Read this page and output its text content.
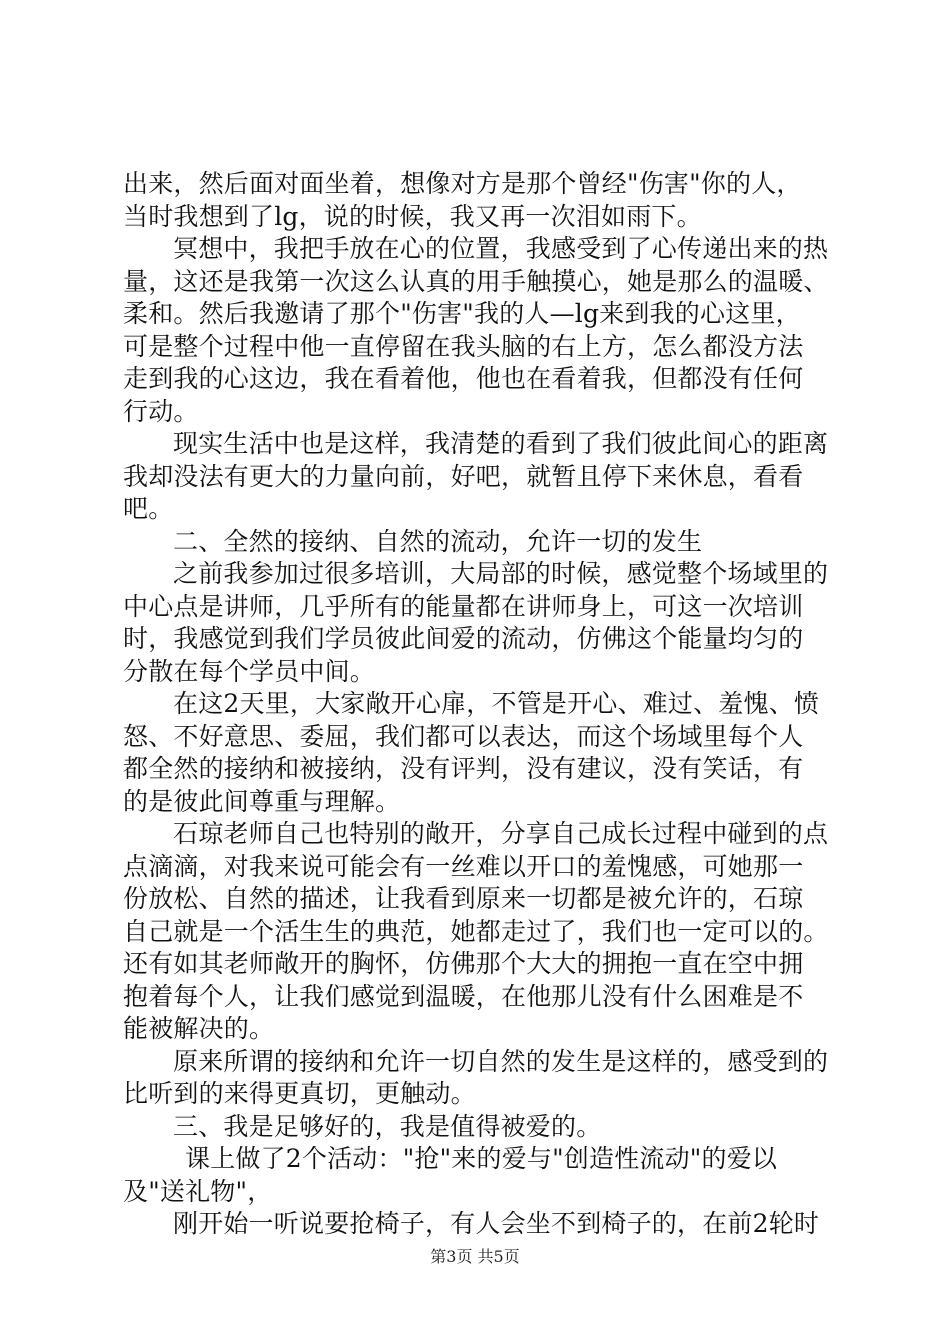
出来，然后面对面坐着，想像对方是那个曾经"伤害"你的人，
当时我想到了lg，说的时候，我又再一次泪如雨下。
冥想中，我把手放在心的位置，我感受到了心传递出来的热
量，这还是我第一次这么认真的用手触摸心，她是那么的温暖、
柔和。然后我邀请了那个"伤害"我的人—lg来到我的心这里，
可是整个过程中他一直停留在我头脑的右上方，怎么都没方法
走到我的心这边，我在看着他，他也在看着我，但都没有任何
行动。
现实生活中也是这样，我清楚的看到了我们彼此间心的距离
我却没法有更大的力量向前，好吧，就暂且停下来休息，看看
吧。
二、全然的接纳、自然的流动，允许一切的发生
之前我参加过很多培训，大局部的时候，感觉整个场域里的
中心点是讲师，几乎所有的能量都在讲师身上，可这一次培训
时，我感觉到我们学员彼此间爱的流动，仿佛这个能量均匀的
分散在每个学员中间。
在这2天里，大家敞开心扉，不管是开心、难过、羞愧、愤
怒、不好意思、委屈，我们都可以表达，而这个场域里每个人
都全然的接纳和被接纳，没有评判，没有建议，没有笑话，有
的是彼此间尊重与理解。
石琼老师自己也特别的敞开，分享自己成长过程中碰到的点
点滴滴，对我来说可能会有一丝难以开口的羞愧感，可她那一
份放松、自然的描述，让我看到原来一切都是被允许的，石琼
自己就是一个活生生的典范，她都走过了，我们也一定可以的。
还有如其老师敞开的胸怀，仿佛那个大大的拥抱一直在空中拥
抱着每个人，让我们感觉到温暖，在他那儿没有什么困难是不
能被解决的。
原来所谓的接纳和允许一切自然的发生是这样的，感受到的
比听到的来得更真切，更触动。
三、我是足够好的，我是值得被爱的。
课上做了2个活动："抢"来的爱与"创造性流动"的爱以
及"送礼物"，
刚开始一听说要抢椅子，有人会坐不到椅子的，在前2轮时
第3页 共5页
